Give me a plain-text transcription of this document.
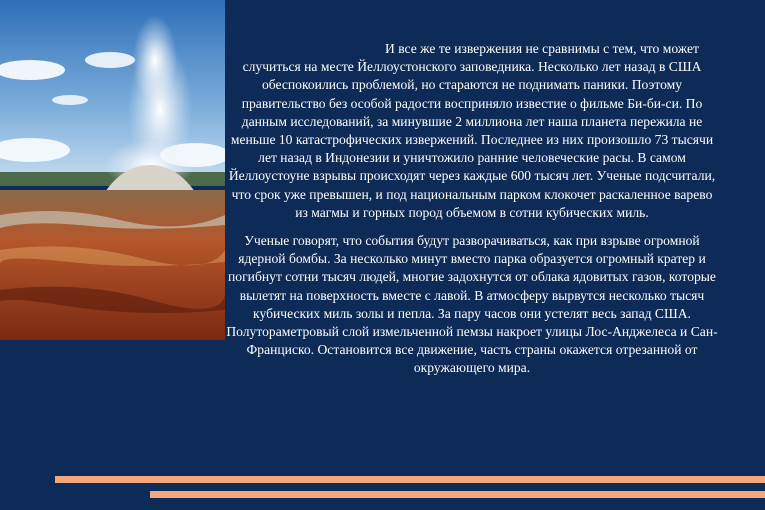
И все же те извержения не сравнимы с тем, что может случиться на месте Йеллоустонского заповедника. Несколько лет назад в США обеспокоились проблемой, но стараются не поднимать паники. Поэтому правительство без особой радости восприняло известие о фильме Би-би-си. По данным исследований, за минувшие 2 миллиона лет наша планета пережила не меньше 10 катастрофических извержений. Последнее из них произошло 73 тысячи лет назад в Индонезии и уничтожило ранние человеческие расы. В самом Йеллоустоуне взрывы происходят через каждые 600 тысяч лет. Ученые подсчитали, что срок уже превышен, и под национальным парком клокочет раскаленное варево из магмы и горных пород объемом в сотни кубических миль.

Ученые говорят, что события будут разворачиваться, как при взрыве огромной ядерной бомбы. За несколько минут вместо парка образуется огромный кратер и погибнут сотни тысяч людей, многие задохнутся от облака ядовитых газов, которые вылетят на поверхность вместе с лавой. В атмосферу вырвутся несколько тысяч кубических миль золы и пепла. За пару часов они устелят весь запад США. Полутораметровый слой измельченной пемзы накроет улицы Лос-Анджелеса и Сан-Франциско. Остановится все движение, часть страны окажется отрезанной от окружающего мира.
